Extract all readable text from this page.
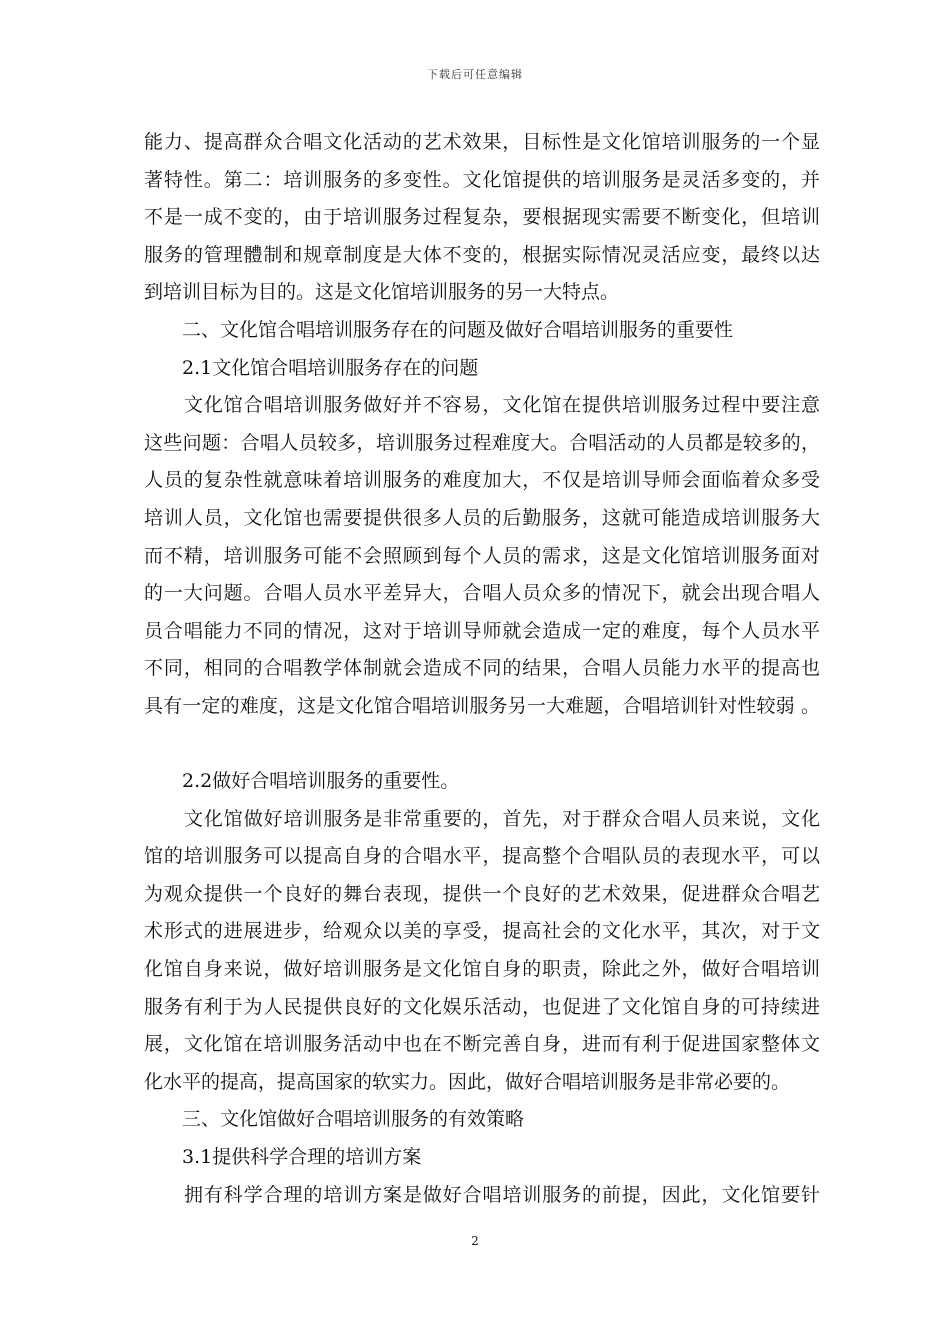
下载后可任意编辑
能力、提高群众合唱文化活动的艺术效果，目标性是文化馆培训服务的一个显
著特性。第二：培训服务的多变性。文化馆提供的培训服务是灵活多变的，并
不是一成不变的，由于培训服务过程复杂，要根据现实需要不断变化，但培训
服务的管理體制和规章制度是大体不变的，根据实际情况灵活应变，最终以达
到培训目标为目的。这是文化馆培训服务的另一大特点。
二、文化馆合唱培训服务存在的问题及做好合唱培训服务的重要性
2.1文化馆合唱培训服务存在的问题
文化馆合唱培训服务做好并不容易，文化馆在提供培训服务过程中要注意
这些问题：合唱人员较多，培训服务过程难度大。合唱活动的人员都是较多的，
人员的复杂性就意味着培训服务的难度加大，不仅是培训导师会面临着众多受
培训人员，文化馆也需要提供很多人员的后勤服务，这就可能造成培训服务大
而不精，培训服务可能不会照顾到每个人员的需求，这是文化馆培训服务面对
的一大问题。合唱人员水平差异大，合唱人员众多的情况下，就会出现合唱人
员合唱能力不同的情况，这对于培训导师就会造成一定的难度，每个人员水平
不同，相同的合唱教学体制就会造成不同的结果，合唱人员能力水平的提高也
具有一定的难度，这是文化馆合唱培训服务另一大难题，合唱培训针对性较弱 。
2.2做好合唱培训服务的重要性。
文化馆做好培训服务是非常重要的，首先，对于群众合唱人员来说，文化
馆的培训服务可以提高自身的合唱水平，提高整个合唱队员的表现水平，可以
为观众提供一个良好的舞台表现，提供一个良好的艺术效果，促进群众合唱艺
术形式的进展进步，给观众以美的享受，提高社会的文化水平，其次，对于文
化馆自身来说，做好培训服务是文化馆自身的职责，除此之外，做好合唱培训
服务有利于为人民提供良好的文化娱乐活动，也促进了文化馆自身的可持续进
展，文化馆在培训服务活动中也在不断完善自身，进而有利于促进国家整体文
化水平的提高，提高国家的软实力。因此，做好合唱培训服务是非常必要的。
三、文化馆做好合唱培训服务的有效策略
3.1提供科学合理的培训方案
拥有科学合理的培训方案是做好合唱培训服务的前提，因此，文化馆要针
2
